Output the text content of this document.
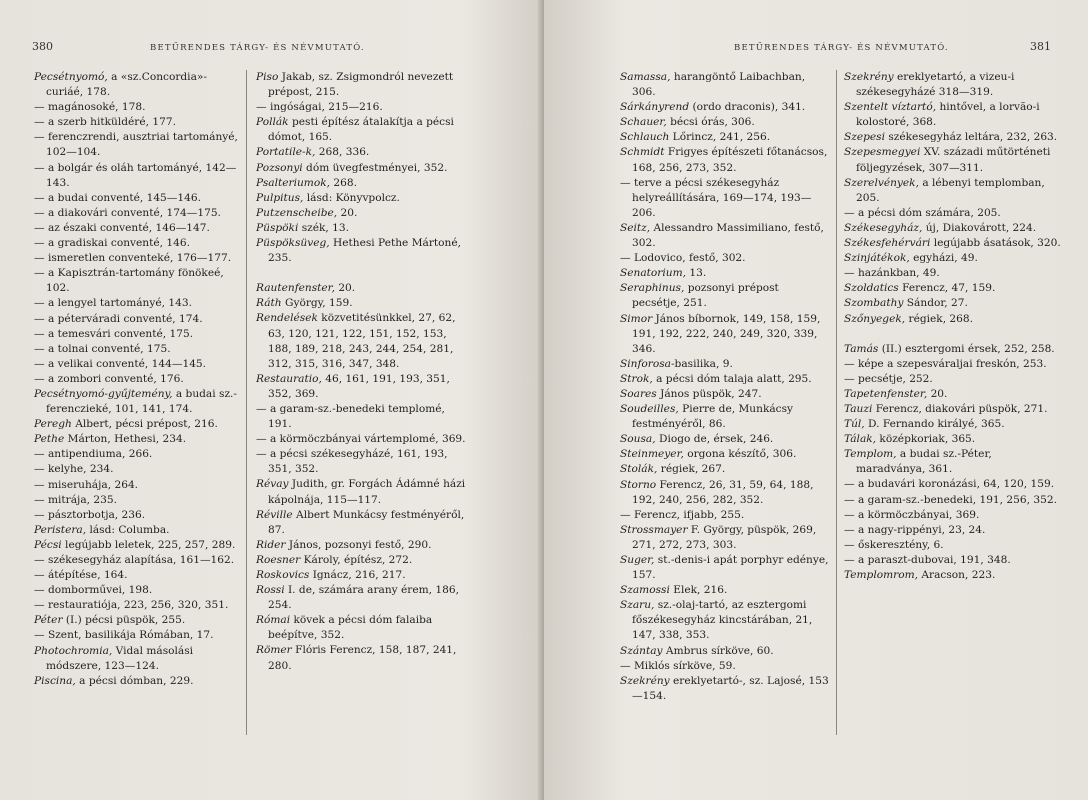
380	BETŰRENDES TÁRGY- ÉS NÉVMUTATÓ.

Pecsétnyomó, a «sz.Concordia»-curiáé, 178.

— magánosoké, 178.

— a szerb hitküldéré, 177.

— ferenczrendi, ausztriai tartományé, 102—104.

— a bolgár és oláh tartományé, 142—143.

— a budai conventé, 145—146.

— a diakovári conventé, 174—175.

— az északi conventé, 146—147.

— a gradiskai conventé, 146.

— ismeretlen conventeké, 176—177.

— a Kapisztrán-tartomány fönökeé, 102.

— a lengyel tartományé, 143.

— a péterváradi conventé, 174.

— a temesvári conventé, 175.

— a tolnai conventé, 175.

— a velikai conventé, 144—145.

— a zombori conventé, 176.

Pecsétnyomó-gyűjtemény, a budai sz.-ferenczieké, 101, 141, 174.

Peregh Albert, pécsi prépost, 216.

Pethe Márton, Hethesi, 234.

— antipendiuma, 266.

— kelyhe, 234.

— miseruhája, 264.

— mitrája, 235.

— pásztorbotja, 236.

Peristera, lásd: Columba.

Pécsi legújabb leletek, 225, 257, 289.

— székesegyház alapítása, 161—162.

— átépítése, 164.

— domborművei, 198.

— restauratiója, 223, 256, 320, 351.

Péter (I.) pécsi püspök, 255.

— Szent, basilikája Rómában, 17.

Photochromia, Vidal másolási módszere, 123—124.

Piscina, a pécsi dómban, 229.

Piso Jakab, sz. Zsigmondról nevezett prépost, 215.

— ingóságai, 215—216.

Pollák pesti építész átalakítja a pécsi dómot, 165.

Portatile-k, 268, 336.

Pozsonyi dóm üvegfestményei, 352.

Psalteriumok, 268.

Pulpitus, lásd: Könyvpolcz.

Putzenscheibe, 20.

Püspöki szék, 13.

Püspöksüveg, Hethesi Pethe Mártoné, 235.

Rautenfenster, 20.

Ráth György, 159.

Rendelések közvetitésünkkel, 27, 62, 63, 120, 121, 122, 151, 152, 153, 188, 189, 218, 243, 244, 254, 281, 312, 315, 316, 347, 348.

Restauratio, 46, 161, 191, 193, 351, 352, 369.

— a garam-sz.-benedeki templomé, 191.

— a körmöczbányai vártemplomé, 369.

— a pécsi székesegyházé, 161, 193, 351, 352.

Révay Judith, gr. Forgách Ádámné házi kápolnája, 115—117.

Réville Albert Munkácsy festményéről, 87.

Rider János, pozsonyi festő, 290.

Roesner Károly, építész, 272.

Roskovics Ignácz, 216, 217.

Rossi I. de, számára arany érem, 186, 254.

Római kövek a pécsi dóm falaiba beépítve, 352.

Römer Flóris Ferencz, 158, 187, 241, 280.

BETŰRENDES TÁRGY- ÉS NÉVMUTATÓ.	381

Samassa, harangöntő Laibachban, 306.

Sárkányrend (ordo draconis), 341.

Schauer, bécsi órás, 306.

Schlauch Lőrincz, 241, 256.

Schmidt Frigyes építészeti főtanácsos, 168, 256, 273, 352.

— terve a pécsi székesegyház helyreállítására, 169—174, 193—206.

Seitz, Alessandro Massimiliano, festő, 302.

— Lodovico, festő, 302.

Senatorium, 13.

Seraphinus, pozsonyi prépost pecsétje, 251.

Simor János bíbornok, 149, 158, 159, 191, 192, 222, 240, 249, 320, 339, 346.

Sinforosa-basilika, 9.

Strok, a pécsi dóm talaja alatt, 295.

Soares János püspök, 247.

Soudeilles, Pierre de, Munkácsy festményéről, 86.

Sousa, Diogo de, érsek, 246.

Steinmeyer, orgona készítő, 306.

Stolák, régiek, 267.

Storno Ferencz, 26, 31, 59, 64, 188, 192, 240, 256, 282, 352.

— Ferencz, ifjabb, 255.

Strossmayer F. György, püspök, 269, 271, 272, 273, 303.

Suger, st.-denis-i apát porphyr edénye, 157.

Szamossi Elek, 216.

Szaru, sz.-olaj-tartó, az esztergomi főszékesegyház kincstárában, 21, 147, 338, 353.

Szántay Ambrus sírköve, 60.

— Miklós sírköve, 59.

Szekrény ereklyetartó-, sz. Lajosé, 153—154.

Szekrény ereklyetartó, a vizeu-i székesegyházé 318—319.

Szentelt víztartó, hintővel, a lorvão-i kolostoré, 368.

Szepesi székesegyház leltára, 232, 263.

Szepesmegyei XV. századi műtörténeti följegyzések, 307—311.

Szerelvények, a lébenyi templomban, 205.

— a pécsi dóm számára, 205.

Székesegyház, új, Diakovárott, 224.

Székesfehérvári legújabb ásatások, 320.

Szinjátékok, egyházi, 49.

— hazánkban, 49.

Szoldatics Ferencz, 47, 159.

Szombathy Sándor, 27.

Szőnyegek, régiek, 268.

Tamás (II.) esztergomi érsek, 252, 258.

— képe a szepesváraljai freskón, 253.

— pecsétje, 252.

Tapetenfenster, 20.

Tauzi Ferencz, diakovári püspök, 271.

Túl, D. Fernando királyé, 365.

Tálak, középkoriak, 365.

Templom, a budai sz.-Péter, maradványa, 361.

— a budavári koronázási, 64, 120, 159.

— a garam-sz.-benedeki, 191, 256, 352.

— a körmöczbányai, 369.

— a nagy-rippényi, 23, 24.

— őskeresztény, 6.

— a paraszt-dubovai, 191, 348.

Templomrom, Aracson, 223.
